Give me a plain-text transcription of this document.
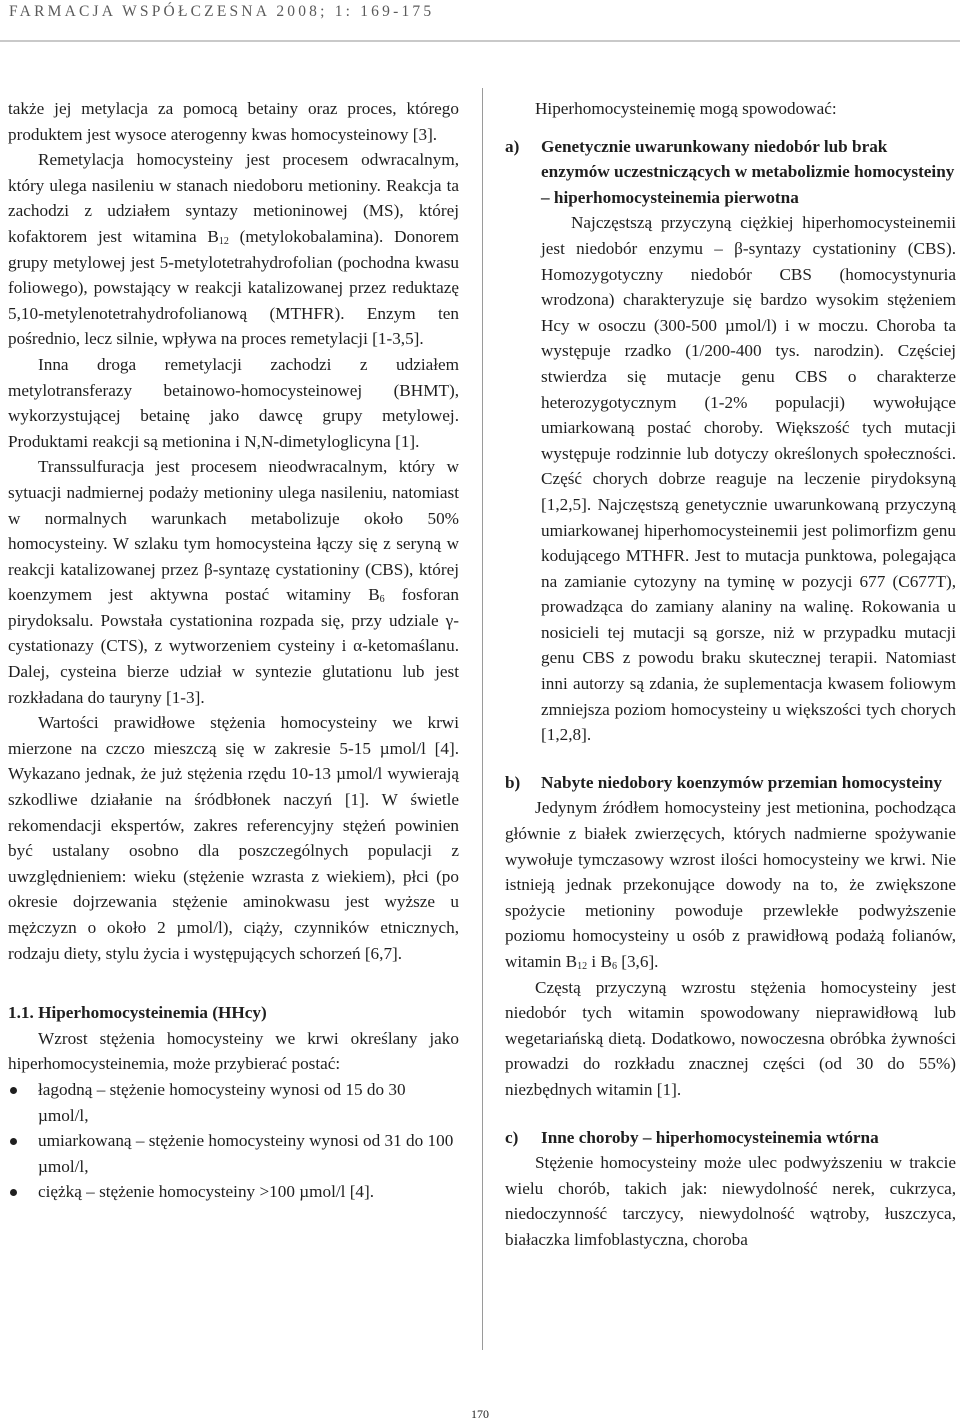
FARMACJA WSPÓŁCZESNA 2008; 1: 169-175

także jej metylacja za pomocą betainy oraz proces, którego produktem jest wysoce aterogenny kwas homocysteinowy [3].

Remetylacja homocysteiny jest procesem odwracalnym, który ulega nasileniu w stanach niedoboru metioniny. Reakcja ta zachodzi z udziałem syntazy metioninowej (MS), której kofaktorem jest witamina $B_{12}$ (metylokobalamina). Donorem grupy metylowej jest 5-metylotetrahydrofolian (pochodna kwasu foliowego), powstający w reakcji katalizowanej przez reduktazę 5,10-metylenotetrahydrofolianową (MTHFR). Enzym ten pośrednio, lecz silnie, wpływa na proces remetylacji [1-3,5].

Inna droga remetylacji zachodzi z udziałem metylotransferazy betainowo-homocysteinowej (BHMT), wykorzystującej betainę jako dawcę grupy metylowej. Produktami reakcji są metionina i N,N-dimetyloglicyna [1].

Transsulfuracja jest procesem nieodwracalnym, który w sytuacji nadmiernej podaży metioniny ulega nasileniu, natomiast w normalnych warunkach metabolizuje około 50% homocysteiny. W szlaku tym homocysteina łączy się z seryną w reakcji katalizowanej przez β-syntazę cystationiny (CBS), której koenzymem jest aktywna postać witaminy $B_6$ fosforan pirydoksalu. Powstała cystationina rozpada się, przy udziale γ-cystationazy (CTS), z wytworzeniem cysteiny i α-ketomaślanu. Dalej, cysteina bierze udział w syntezie glutationu lub jest rozkładana do tauryny [1-3].

Wartości prawidłowe stężenia homocysteiny we krwi mierzone na czczo mieszczą się w zakresie 5-15 µmol/l [4]. Wykazano jednak, że już stężenia rzędu 10-13 µmol/l wywierają szkodliwe działanie na śródbłonek naczyń [1]. W świetle rekomendacji ekspertów, zakres referencyjny stężeń powinien być ustalany osobno dla poszczególnych populacji z uwzględnieniem: wieku (stężenie wzrasta z wiekiem), płci (po okresie dojrzewania stężenie aminokwasu jest wyższe u mężczyzn o około 2 µmol/l), ciąży, czynników etnicznych, rodzaju diety, stylu życia i występujących schorzeń [6,7].

1.1. Hiperhomocysteinemia (HHcy)

Wzrost stężenia homocysteiny we krwi określany jako hiperhomocysteinemia, może przybierać postać:

łagodną – stężenie homocysteiny wynosi od 15 do 30 µmol/l,
umiarkowaną – stężenie homocysteiny wynosi od 31 do 100 µmol/l,
ciężką – stężenie homocysteiny >100 µmol/l [4].

Hiperhomocysteinemię mogą spowodować:

a)	Genetycznie uwarunkowany niedobór lub brak enzymów uczestniczących w metabolizmie homocysteiny – hiperhomocysteinemia pierwotna

Najczęstszą przyczyną ciężkiej hiperhomocysteinemii jest niedobór enzymu – β-syntazy cystationiny (CBS). Homozygotyczny niedobór CBS (homocystynuria wrodzona) charakteryzuje się bardzo wysokim stężeniem Hcy w osoczu (300-500 µmol/l) i w moczu. Choroba ta występuje rzadko (1/200-400 tys. narodzin). Częściej stwierdza się mutacje genu CBS o charakterze heterozygotycznym (1-2% populacji) wywołujące umiarkowaną postać choroby. Większość tych mutacji występuje rodzinnie lub dotyczy określonych społeczności. Część chorych dobrze reaguje na leczenie pirydoksyną [1,2,5]. Najczęstszą genetycznie uwarunkowaną przyczyną umiarkowanej hiperhomocysteinemii jest polimorfizm genu kodującego MTHFR. Jest to mutacja punktowa, polegająca na zamianie cytozyny na tyminę w pozycji 677 (C677T), prowadząca do zamiany alaniny na walinę. Rokowania u nosicieli tej mutacji są gorsze, niż w przypadku mutacji genu CBS z powodu braku skutecznej terapii. Natomiast inni autorzy są zdania, że suplementacja kwasem foliowym zmniejsza poziom homocysteiny u większości tych chorych [1,2,8].

b)	Nabyte niedobory koenzymów przemian homocysteiny

Jedynym źródłem homocysteiny jest metionina, pochodząca głównie z białek zwierzęcych, których nadmierne spożywanie wywołuje tymczasowy wzrost ilości homocysteiny we krwi. Nie istnieją jednak przekonujące dowody na to, że zwiększone spożycie metioniny powoduje przewlekłe podwyższenie poziomu homocysteiny u osób z prawidłową podażą folianów, witamin $B_{12}$ i $B_6$ [3,6].

Częstą przyczyną wzrostu stężenia homocysteiny jest niedobór tych witamin spowodowany nieprawidłową lub wegetariańską dietą. Dodatkowo, nowoczesna obróbka żywności prowadzi do rozkładu znacznej części (od 30 do 55%) niezbędnych witamin [1].

c)	Inne choroby – hiperhomocysteinemia wtórna

Stężenie homocysteiny może ulec podwyższeniu w trakcie wielu chorób, takich jak: niewydolność nerek, cukrzyca, niedoczynność tarczycy, niewydolność wątroby, łuszczyca, białaczka limfoblastyczna, choroba

170
